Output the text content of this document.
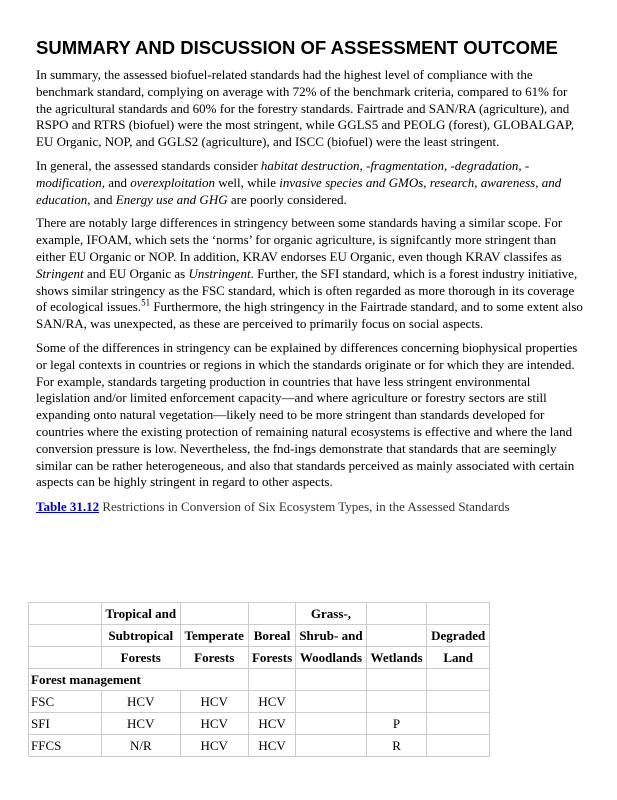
SUMMARY AND DISCUSSION OF ASSESSMENT OUTCOME

In summary, the assessed biofuel-related standards had the highest level of compliance with the benchmark standard, complying on average with 72% of the benchmark criteria, compared to 61% for the agricultural standards and 60% for the forestry standards. Fairtrade and SAN/RA (agriculture), and RSPO and RTRS (biofuel) were the most stringent, while GGLS5 and PEOLG (forest), GLOBALGAP, EU Organic, NOP, and GGLS2 (agriculture), and ISCC (biofuel) were the least stringent.

In general, the assessed standards consider habitat destruction, -fragmentation, -degradation, -modification, and overexploitation well, while invasive species and GMOs, research, awareness, and education, and Energy use and GHG are poorly considered.

There are notably large differences in stringency between some standards having a similar scope. For example, IFOAM, which sets the ‘norms’ for organic agriculture, is signifcantly more stringent than either EU Organic or NOP. In addition, KRAV endorses EU Organic, even though KRAV classifes as Stringent and EU Organic as Unstringent. Further, the SFI standard, which is a forest industry initiative, shows similar stringency as the FSC standard, which is often regarded as more thorough in its coverage of ecological issues.$^{51}$ Furthermore, the high stringency in the Fairtrade standard, and to some extent also SAN/RA, was unexpected, as these are perceived to primarily focus on social aspects.

Some of the differences in stringency can be explained by differences concerning biophysical properties or legal contexts in countries or regions in which the standards originate or for which they are intended. For example, standards targeting production in countries that have less stringent environmental legislation and/or limited enforcement capacity—and where agriculture or forestry sectors are still expanding onto natural vegetation—likely need to be more stringent than standards developed for countries where the existing protection of remaining natural ecosystems is effective and where the land conversion pressure is low. Nevertheless, the fnd-ings demonstrate that standards that are seemingly similar can be rather heterogeneous, and also that standards perceived as mainly associated with certain aspects can be highly stringent in regard to other aspects.

Table 31.12 Restrictions in Conversion of Six Ecosystem Types, in the Assessed Standards
	Tropical and			Grass-,		
	Subtropical	Temperate	Boreal	Shrub- and		Degraded
	Forests	Forests	Forests	Woodlands	Wetlands	Land
Forest management						
FSC	HCV	HCV	HCV			
SFI	HCV	HCV	HCV		P	
FFCS	N/R	HCV	HCV		R	
